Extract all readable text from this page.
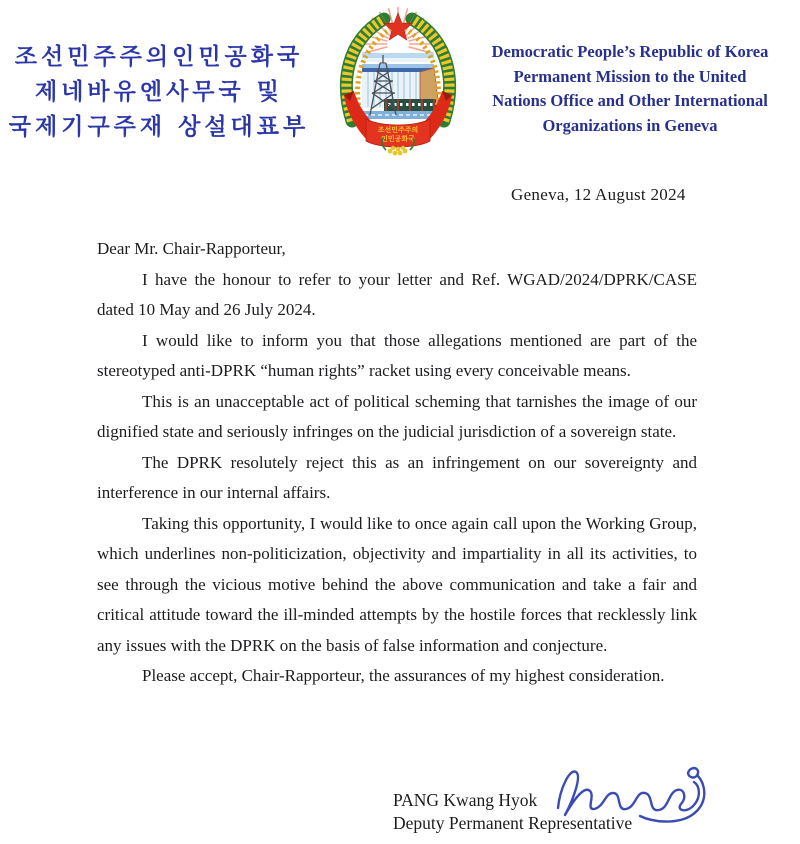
조선민주주의인민공화국
제네바유엔사무국 및
국제기구주재 상설대표부	조선민주주의
인민공화국
Democratic People’s Republic of Korea
Permanent Mission to the United
Nations Office and Other International
Organizations in Geneva
Geneva, 12 August 2024

Dear Mr. Chair-Rapporteur,

I have the honour to refer to your letter and Ref. WGAD/2024/DPRK/CASE dated 10 May and 26 July 2024.

I would like to inform you that those allegations mentioned are part of the stereotyped anti-DPRK “human rights” racket using every conceivable means.

This is an unacceptable act of political scheming that tarnishes the image of our dignified state and seriously infringes on the judicial jurisdiction of a sovereign state.

The DPRK resolutely reject this as an infringement on our sovereignty and interference in our internal affairs.

Taking this opportunity, I would like to once again call upon the Working Group, which underlines non-politicization, objectivity and impartiality in all its activities, to see through the vicious motive behind the above communication and take a fair and critical attitude toward the ill-minded attempts by the hostile forces that recklessly link any issues with the DPRK on the basis of false information and conjecture.

Please accept, Chair-Rapporteur, the assurances of my highest consideration.

PANG Kwang Hyok
Deputy Permanent Representative
